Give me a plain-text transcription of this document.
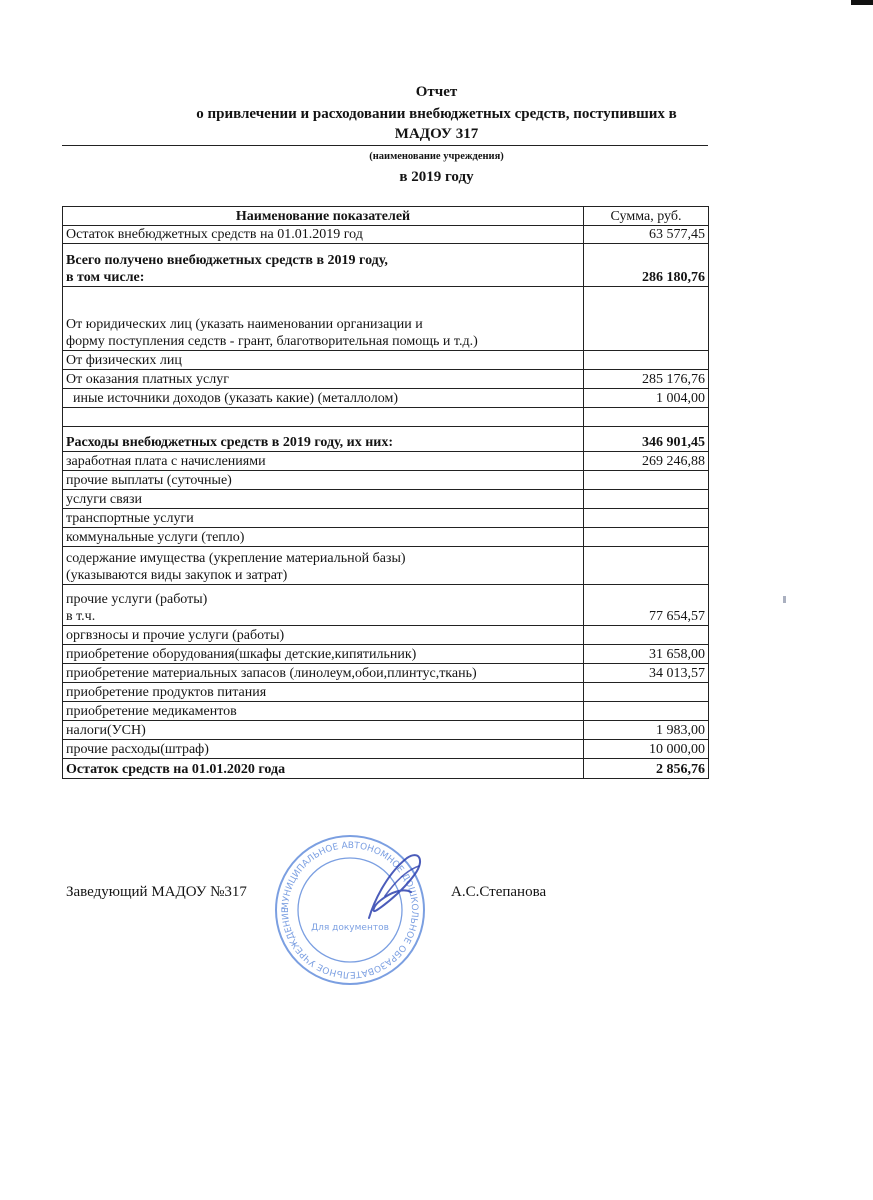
Отчет
о привлечении и расходовании внебюджетных средств, поступивших в
МАДОУ 317
(наименование учреждения)
в 2019 году
Наименование показателей	Сумма, руб.
Остаток внебюджетных средств на 01.01.2019 год	63 577,45
Всего получено внебюджетных средств в 2019 году,
в том числе:	286 180,76

От юридических лиц (указать наименовании организации и
форму поступления седств - грант, благотворительная помощь и т.д.)	
От физических лиц	
От оказания платных услуг	285 176,76
иные источники доходов (указать какие) (металлолом)	1 004,00

Расходы внебюджетных средств в 2019 году, их них:	346 901,45
заработная плата с начислениями	269 246,88
прочие выплаты (суточные)	
услуги связи	
транспортные услуги	
коммунальные услуги (тепло)	
содержание имущества (укрепление материальной базы)
(указываются виды закупок и затрат)	
прочие услуги (работы)
в т.ч.	77 654,57
оргвзносы и прочие услуги (работы)	
приобретение оборудования(шкафы детские,кипятильник)	31 658,00
приобретение материальных запасов (линолеум,обои,плинтус,ткань)	34 013,57
приобретение продуктов питания	
приобретение медикаментов	
налоги(УСН)	1 983,00
прочие расходы(штраф)	10 000,00
Остаток средств на 01.01.2020 года	2 856,76
МУНИЦИПАЛЬНОЕ АВТОНОМНОЕ ДОШКОЛЬНОЕ ОБРАЗОВАТЕЛЬНОЕ УЧРЕЖДЕНИЕ
Для документов
Заведующий МАДОУ №317	А.С.Степанова
